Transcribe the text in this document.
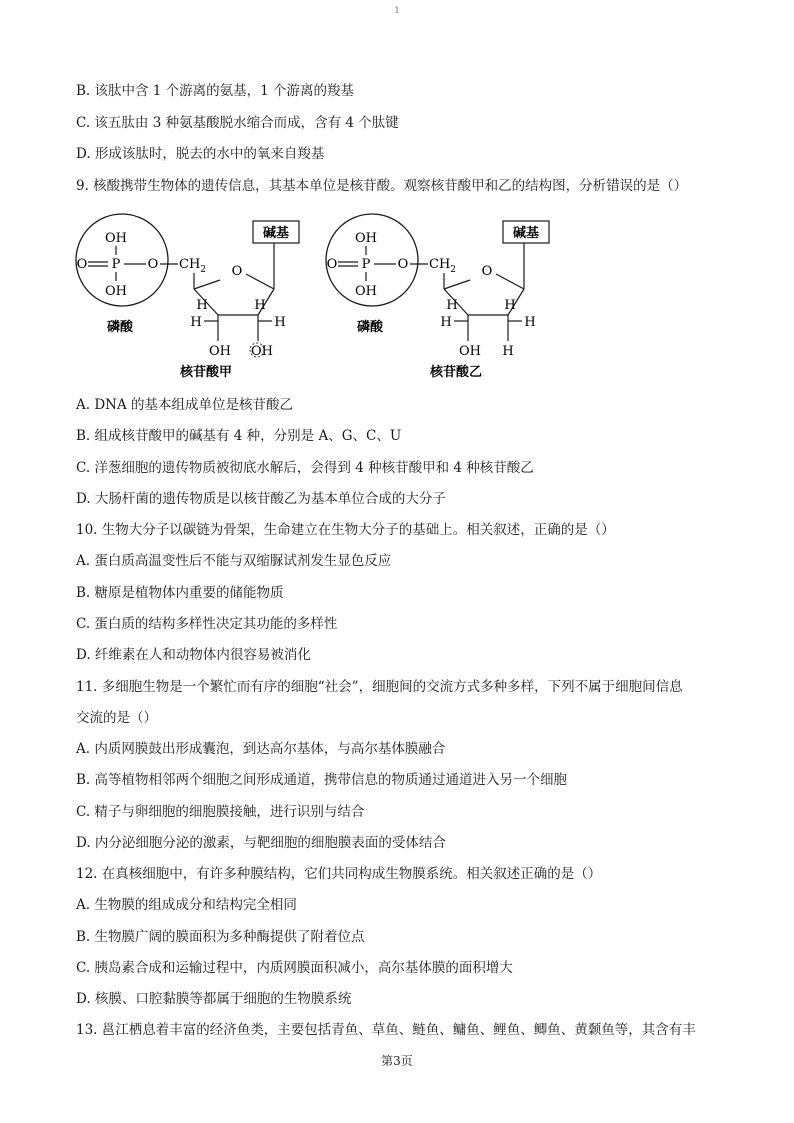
1
B. 该肽中含 1 个游离的氨基，1 个游离的羧基
C. 该五肽由 3 种氨基酸脱水缩合而成，含有 4 个肽键
D. 形成该肽时，脱去的水中的氧来自羧基
9. 核酸携带生物体的遗传信息，其基本单位是核苷酸。观察核苷酸甲和乙的结构图，分析错误的是（）
OH
O P O
OH
磷酸
$CH_2$ O
碱基
H	H
H	H
OH OH
核苷酸甲
OH
O P O
OH
磷酸
$CH_2$ O
碱基
H	H
H	H
OH H
核苷酸乙
A. DNA 的基本组成单位是核苷酸乙
B. 组成核苷酸甲的碱基有 4 种，分别是 A、G、C、U
C. 洋葱细胞的遗传物质被彻底水解后，会得到 4 种核苷酸甲和 4 种核苷酸乙
D. 大肠杆菌的遗传物质是以核苷酸乙为基本单位合成的大分子
10. 生物大分子以碳链为骨架，生命建立在生物大分子的基础上。相关叙述，正确的是（）
A. 蛋白质高温变性后不能与双缩脲试剂发生显色反应
B. 糖原是植物体内重要的储能物质
C. 蛋白质的结构多样性决定其功能的多样性
D. 纤维素在人和动物体内很容易被消化
11. 多细胞生物是一个繁忙而有序的细胞“社会”，细胞间的交流方式多种多样，下列不属于细胞间信息
交流的是（）
A. 内质网膜鼓出形成囊泡，到达高尔基体，与高尔基体膜融合
B. 高等植物相邻两个细胞之间形成通道，携带信息的物质通过通道进入另一个细胞
C. 精子与卵细胞的细胞膜接触，进行识别与结合
D. 内分泌细胞分泌的激素，与靶细胞的细胞膜表面的受体结合
12. 在真核细胞中，有许多种膜结构，它们共同构成生物膜系统。相关叙述正确的是（）
A. 生物膜的组成成分和结构完全相同
B. 生物膜广阔的膜面积为多种酶提供了附着位点
C. 胰岛素合成和运输过程中，内质网膜面积减小，高尔基体膜的面积增大
D. 核膜、口腔黏膜等都属于细胞的生物膜系统
13. 邕江栖息着丰富的经济鱼类，主要包括青鱼、草鱼、鲢鱼、鳙鱼、鲤鱼、鲫鱼、黄颡鱼等，其含有丰
第3页
